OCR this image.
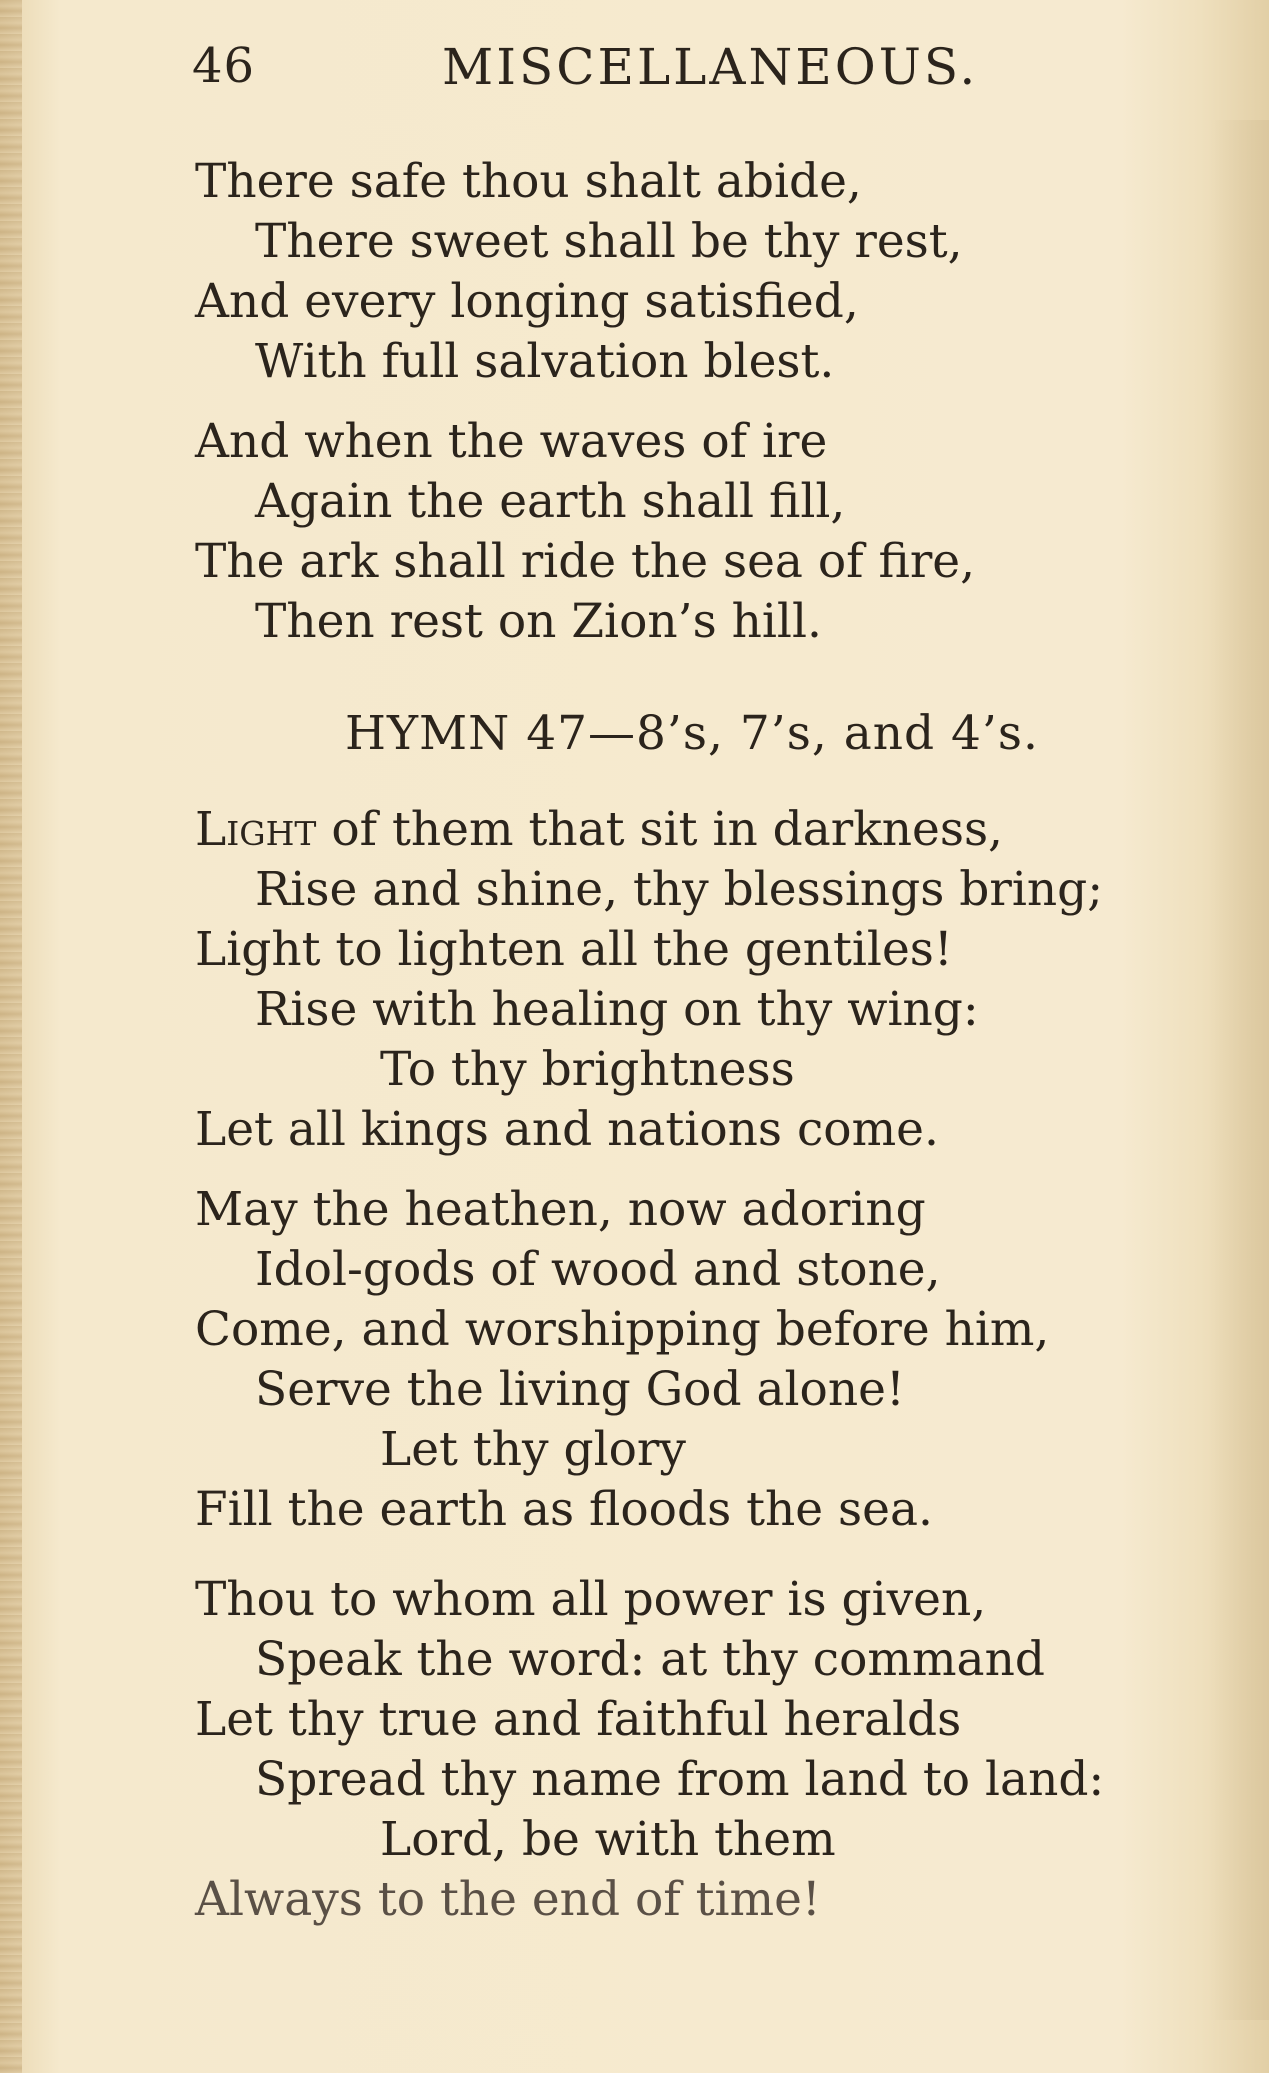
46	MISCELLANEOUS.
There safe thou shalt abide,
There sweet shall be thy rest,
And every longing satisfied,
With full salvation blest.
And when the waves of ire
Again the earth shall fill,
The ark shall ride the sea of fire,
Then rest on Zion’s hill.
HYMN 47—8’s, 7’s, and 4’s.
Light of them that sit in darkness,
Rise and shine, thy blessings bring;
Light to lighten all the gentiles!
Rise with healing on thy wing:
To thy brightness
Let all kings and nations come.
May the heathen, now adoring
Idol-gods of wood and stone,
Come, and worshipping before him,
Serve the living God alone!
Let thy glory
Fill the earth as floods the sea.
Thou to whom all power is given,
Speak the word: at thy command
Let thy true and faithful heralds
Spread thy name from land to land:
Lord, be with them
Always to the end of time!
